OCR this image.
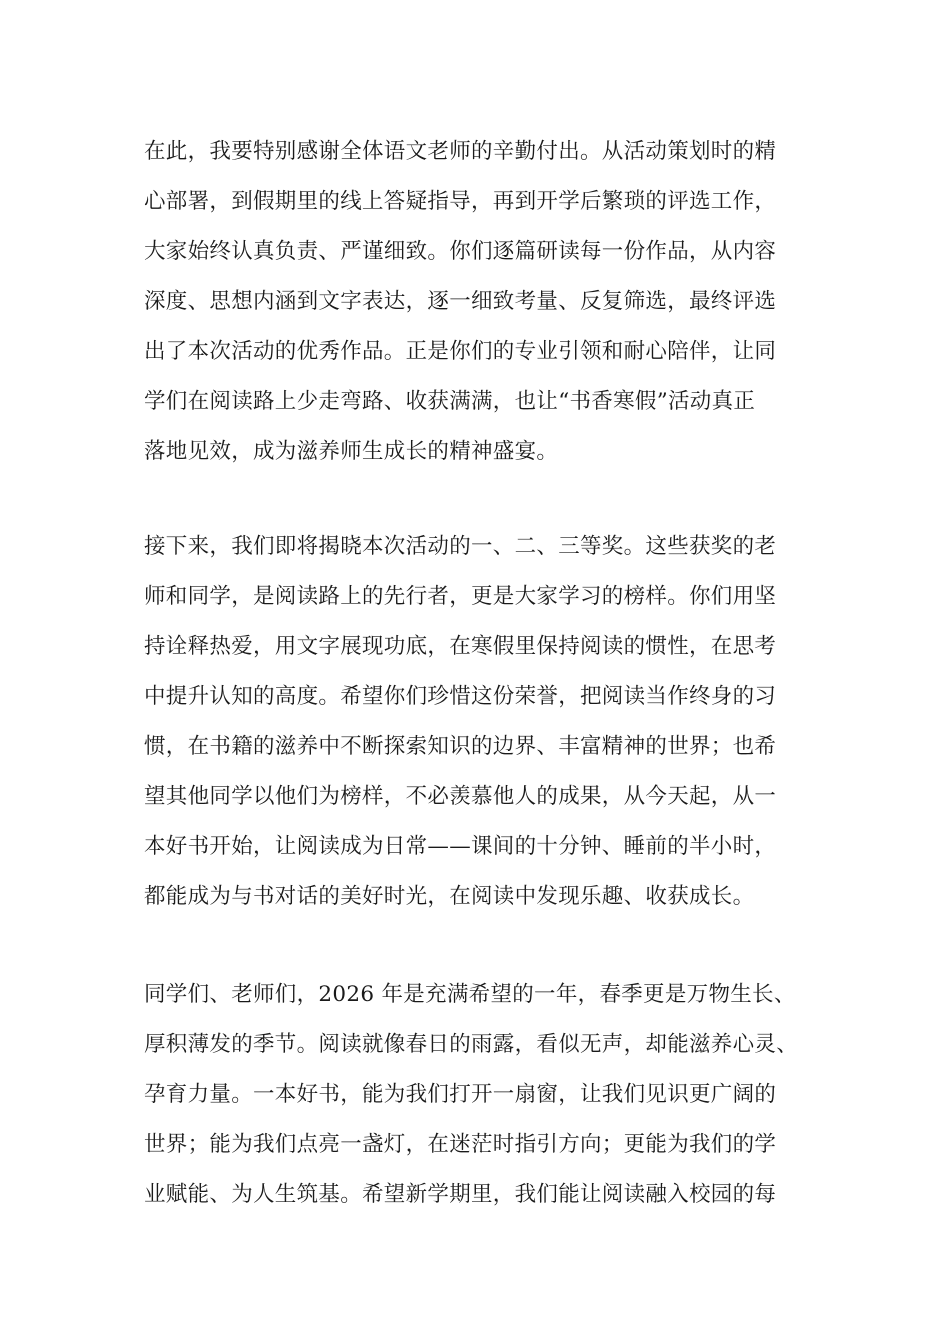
在此，我要特别感谢全体语文老师的辛勤付出。从活动策划时的精
心部署，到假期里的线上答疑指导，再到开学后繁琐的评选工作，
大家始终认真负责、严谨细致。你们逐篇研读每一份作品，从内容
深度、思想内涵到文字表达，逐一细致考量、反复筛选，最终评选
出了本次活动的优秀作品。正是你们的专业引领和耐心陪伴，让同
学们在阅读路上少走弯路、收获满满，也让“书香寒假”活动真正
落地见效，成为滋养师生成长的精神盛宴。
接下来，我们即将揭晓本次活动的一、二、三等奖。这些获奖的老
师和同学，是阅读路上的先行者，更是大家学习的榜样。你们用坚
持诠释热爱，用文字展现功底，在寒假里保持阅读的惯性，在思考
中提升认知的高度。希望你们珍惜这份荣誉，把阅读当作终身的习
惯，在书籍的滋养中不断探索知识的边界、丰富精神的世界；也希
望其他同学以他们为榜样，不必羡慕他人的成果，从今天起，从一
本好书开始，让阅读成为日常——课间的十分钟、睡前的半小时，
都能成为与书对话的美好时光，在阅读中发现乐趣、收获成长。
同学们、老师们，2026 年是充满希望的一年，春季更是万物生长、
厚积薄发的季节。阅读就像春日的雨露，看似无声，却能滋养心灵、
孕育力量。一本好书，能为我们打开一扇窗，让我们见识更广阔的
世界；能为我们点亮一盏灯，在迷茫时指引方向；更能为我们的学
业赋能、为人生筑基。希望新学期里，我们能让阅读融入校园的每
